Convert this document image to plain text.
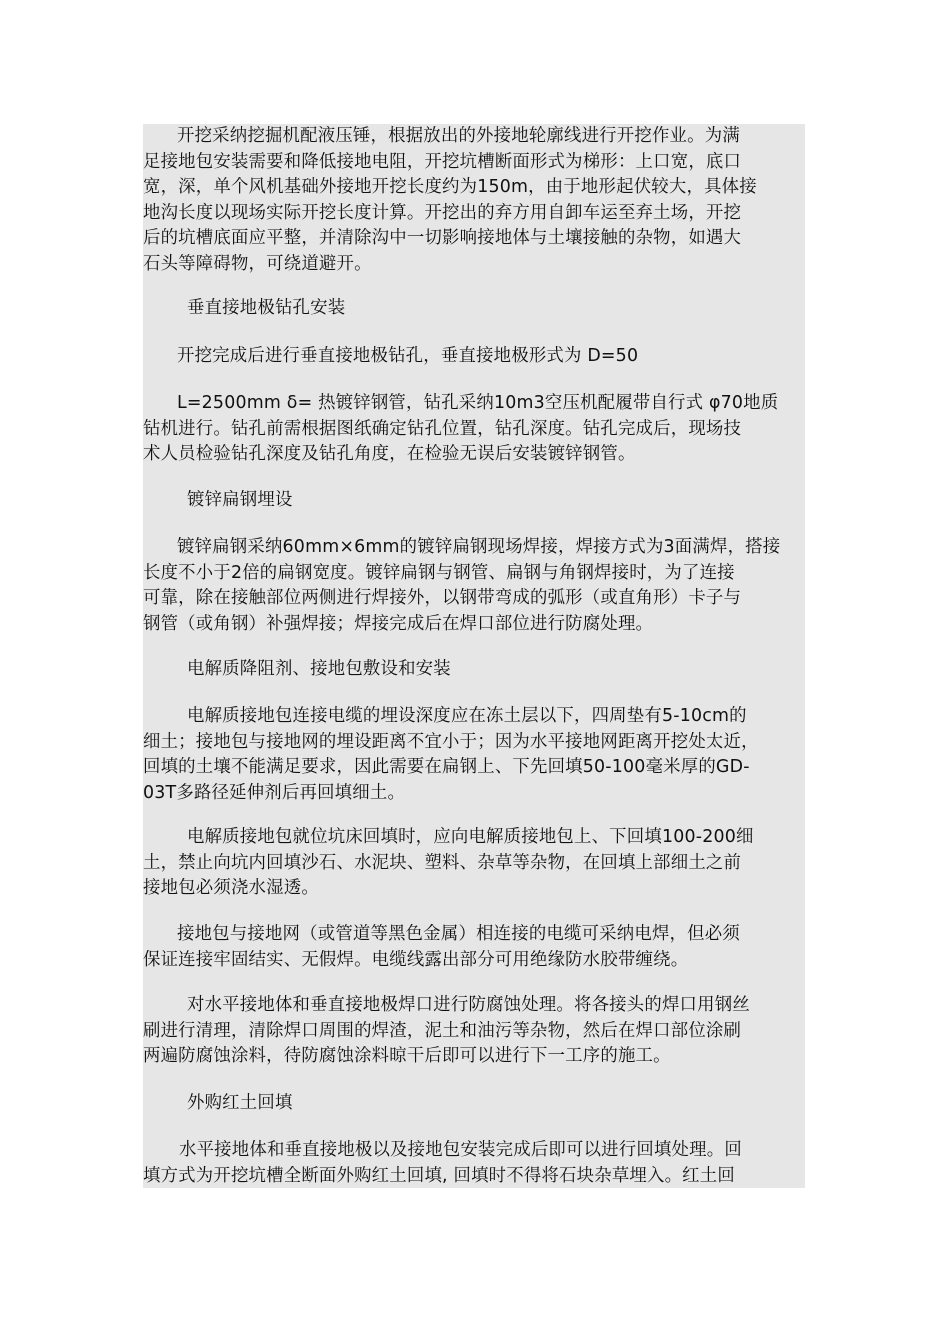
开挖采纳挖掘机配液压锤，根据放出的外接地轮廓线进行开挖作业。为满
足接地包安装需要和降低接地电阻，开挖坑槽断面形式为梯形：上口宽，底口
宽，深，单个风机基础外接地开挖长度约为150m，由于地形起伏较大，具体接
地沟长度以现场实际开挖长度计算。开挖出的弃方用自卸车运至弃土场，开挖
后的坑槽底面应平整，并清除沟中一切影响接地体与土壤接触的杂物，如遇大
石头等障碍物，可绕道避开。
垂直接地极钻孔安装
开挖完成后进行垂直接地极钻孔，垂直接地极形式为 D=50
L=2500mm δ= 热镀锌钢管，钻孔采纳10m3空压机配履带自行式 φ70地质
钻机进行。钻孔前需根据图纸确定钻孔位置，钻孔深度。钻孔完成后，现场技
术人员检验钻孔深度及钻孔角度，在检验无误后安装镀锌钢管。
镀锌扁钢埋设
镀锌扁钢采纳60mm×6mm的镀锌扁钢现场焊接，焊接方式为3面满焊，搭接
长度不小于2倍的扁钢宽度。镀锌扁钢与钢管、扁钢与角钢焊接时，为了连接
可靠，除在接触部位两侧进行焊接外，以钢带弯成的弧形（或直角形）卡子与
钢管（或角钢）补强焊接；焊接完成后在焊口部位进行防腐处理。
电解质降阻剂、接地包敷设和安装
电解质接地包连接电缆的埋设深度应在冻土层以下，四周垫有5-10cm的
细土；接地包与接地网的埋设距离不宜小于；因为水平接地网距离开挖处太近，
回填的土壤不能满足要求，因此需要在扁钢上、下先回填50-100毫米厚的GD-
03T多路径延伸剂后再回填细土。
电解质接地包就位坑床回填时，应向电解质接地包上、下回填100-200细
土，禁止向坑内回填沙石、水泥块、塑料、杂草等杂物，在回填上部细土之前
接地包必须浇水湿透。
接地包与接地网（或管道等黑色金属）相连接的电缆可采纳电焊，但必须
保证连接牢固结实、无假焊。电缆线露出部分可用绝缘防水胶带缠绕。
对水平接地体和垂直接地极焊口进行防腐蚀处理。将各接头的焊口用钢丝
刷进行清理，清除焊口周围的焊渣，泥土和油污等杂物，然后在焊口部位涂刷
两遍防腐蚀涂料，待防腐蚀涂料晾干后即可以进行下一工序的施工。
外购红土回填
水平接地体和垂直接地极以及接地包安装完成后即可以进行回填处理。回
填方式为开挖坑槽全断面外购红土回填, 回填时不得将石块杂草埋入。红土回
